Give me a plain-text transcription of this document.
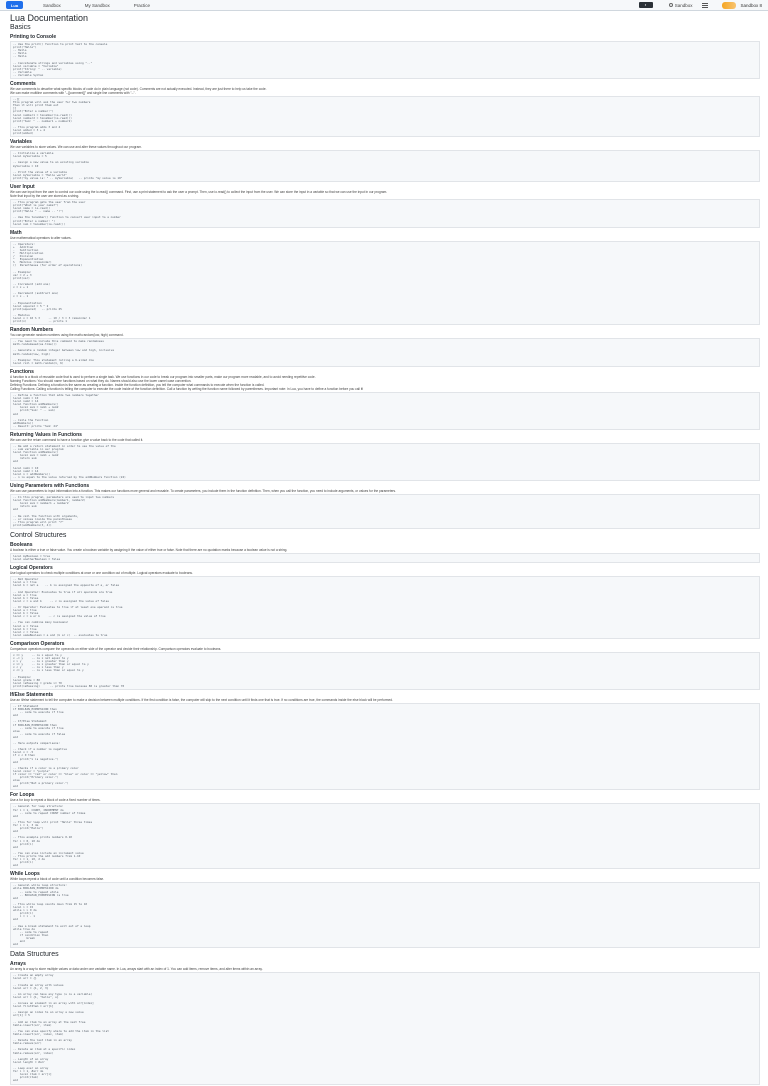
Lua	Sandbox	My Sandbox	Practice	◐	Sandbox	Sandbox 8
Lua Documentation
Basics
Printing to Console
-- Use the print() function to print text to the console
print("Hello")
-- Hello
-- Hello
-- Hello

-- Concatenate strings and variables using ".."
local variable = "Variable"
print("String: " .. variable)
-- Variable
-- Variable Syntax
Comments

We use comments to describe what specific blocks of code do in plain language (not code). Comments are not actually executed. Instead, they are just there to help us take the code.

We can make multiline comments with "--[[comment]]" and single line comments with "--".

--[[
This program will ask the user for two numbers
Then it will print them out
]]
print("Enter a number:")
local number1 = tonumber(io.read())
local number2 = tonumber(io.read())
print("Sum: " .. number1 + number2)

-- This program adds 3 and 4
local added = 3 + 4
print(added)
Variables

We use variables to store values. We can use and alter these values throughout our program.

-- Initialize a variable
local myVariable = 5

-- Assign a new value to an existing variable
myVariable = 10

-- Print the value of a variable
local myVariable = "Hello world"
print("my value is: " .. myVariable)   -- prints "my value is 10"
User Input

We can use input from the user to control our code using the io.read() command. First, use a print statement to ask the user a prompt. Then, use io.read() to collect the input from the user. We can store the input in a variable so that we can use the input in our program.

Note that input by the user are stored as a string.

-- This program gets the user from the user
print("What is your name?")
local name = io.read()
print("Hello " .. name .. "!")

-- Use the tonumber() function to convert user input to a number
print("Enter a number: ")
local num = tonumber(io.read())
Math

Use mathematical operators to alter values.

-- Operators:
+   Addition
-   Subtraction
*   Multiplication
/   Division
^   Exponentiation
%   Modulus (remainder)
()  Parentheses (for order of operations)

-- Example:
var = 2 + 3
print(var)

-- Increment (add one)
x = x + 1

-- Decrement (subtract one)
x = x - 1

-- Exponentiation
local squared = 5 ^ 2
print(squared)   -- prints 25

-- Modulus
local x = 10 % 3     -- 10 / 3 = 3 remainder 1
print(x)             -- prints 1
Random Numbers

You can generate random numbers using the math.random(low, high) command.

-- You need to include this command to make randomness
math.randomseed(os.time())

-- Generate a random integer between low and high, inclusive
math.random(low, high)

-- Example: This statement rolling a 6-sided die
local roll = math.random(1, 6)
Functions

A function is a block of reusable code that is used to perform a single task. We use functions in our code to break our program into smaller parts, make our program more readable, and to avoid needing repetitive code.

Naming Functions: You should name functions based on what they do. Names should also use the lower camel case convention.

Defining Functions: Defining a function is the same as creating a function. Inside the function definition, you tell the computer what commands to execute when the function is called.

Calling Functions: Calling a function is telling the computer to execute the code inside of the function definition. Call a function by writing the function name followed by parentheses. Important note: In Lua, you have to define a function before you call it!

-- Define a function that adds two numbers together
local num1 = 10
local num2 = 14
local function addNumbers()
local sum = num1 + num2
print("Sum: " .. sum)
end

-- Calls the function
addNumbers()
-- Result: prints "Sum: 24"
Returning Values in Functions

We can use the return command to have a function give a value back to the code that called it.

-- We add a return statement in order to use the value of the
-- sum variable in our program
local function addNumbers()
local sum = num1 + num2
return sum
end

local num1 = 10
local num2 = 14
local n = addNumbers()
-- n is equal to the value returned by the addNumbers function (24)
Using Parameters with Functions

We can use parameters to input information into a function. This makes our functions more general and reusable. To create parameters, you include them in the function definition. Then, when you call the function, you need to include arguments, or values for the parameters.

-- In this program, parameters are used to input two numbers
local function addNumbers(number1, number2)
local sum = number1 + number2
return sum
end

-- We call the function with arguments,
-- or values inside the parentheses
-- This program will print "7"
print(addNumbers(3, 4))
Control Structures
Booleans

A boolean is either a true or false value. You create a boolean variable by assigning it the value of either true or false. Note that there are no quotation marks because a boolean value is not a string.

local myBoolean = true
local anotherBoolean = false
Logical Operators

Use logical operators to check multiple conditions at once or one condition out of multiple. Logical operators evaluate to booleans.

-- Not Operator
local a = true
local b = not a    -- b is assigned the opposite of a, or false

-- And Operator: Evaluates to true if all operands are true
local a = true
local b = false
local c = a and b     -- c is assigned the value of false

-- Or Operator: Evaluates to true if at least one operand is true
local a = true
local b = false
local c = a or b     -- c is assigned the value of true

-- You can combine many booleans!
local a = false
local b = true
local c = false
local someBoolean = a and (b or c)  -- evaluates to true
Comparison Operators

Comparison operators compare the operands on either side of the operator and decide their relationship. Comparison operators evaluate to booleans.

x == y     -- is x equal to y
x ~= y     -- is x not equal to y
x > y      -- is x greater than y
x >= y     -- is x greater than or equal to y
x < y      -- is x less than y
x <= y     -- is x less than or equal to y

-- Example:
local grade = 80
local isPassing = grade >= 70
print(isPassing)      -- prints true because 80 is greater than 70
If/Else Statements

Use an if/else statement to tell the computer to make a decision between multiple conditions. If the first condition is false, the computer will skip to the next condition until it finds one that is true. If no conditions are true, the commands inside the else block will be performed.

-- If Statement
if BOOLEAN_EXPRESSION then
-- code to execute if true
end

-- If/Else Statement
if BOOLEAN_EXPRESSION then
-- code to execute if true
else
-- code to execute if false
end

-- Here outputs comparisons:

-- Check if a number is negative
local x = -5
if x < 0 then
print("x is negative.")
end

-- Checks if a color is a primary color
local color = "purple"
if color == "red" or color == "blue" or color == "yellow" then
print("Primary color.")
else
print("Not a primary color.")
end
For Loops

Use a for loop to repeat a block of code a fixed number of times.

-- General for loop structure:
for i = 1, COUNT, INCREMENT do
-- code to repeat COUNT number of times
end

-- This for loop will print "Hello" three times
for i = 1, 3 do
print("Hello")
end

-- This example prints numbers 0-10
for i = 0, 10 do
print(i)
end

-- You can also include an increment value
-- This prints the odd numbers from 1-10
for i = 1, 10, 2 do
print(i)
end
While Loops

While loops repeat a block of code until a condition becomes false.

-- General while loop structure:
while BOOLEAN_EXPRESSION do
-- code to repeat while
-- BOOLEAN_EXPRESSION is true
end

-- This while loop counts down from 15 to 10
local i = 15
while i > 9 do
print(i)
i = i - 1
end

-- Use a break statement to exit out of a loop
while true do
-- code to repeat
if condition then
break
end
end
Data Structures
Arrays

An array is a way to store multiple values or data under one variable name. In Lua, arrays start with an index of 1. You can add items, remove items, and alter items within an array.

-- Create an empty array
local arr = {}

-- Create an array with values
local arr = {1, 2, 3}

-- An array can have any type (s is a variable)
local arr = {1, "hello", s}

-- Access an element in an array with arr[index]
local firstItem = arr[1]

-- Assign an index to an array a new value
arr[1] = 5

-- Add an item to an array at the next free
table.insert(arr, item)

-- You can also specify where to add the item in the list
table.insert(arr, index, item)

-- Delete the last item in an array
table.remove(arr)

-- Delete an item at a specific index
table.remove(arr, index)

-- Length of an array
local length = #arr

-- Loop over an array
for i = 1, #arr do
local item = arr[i]
print(item)
end
